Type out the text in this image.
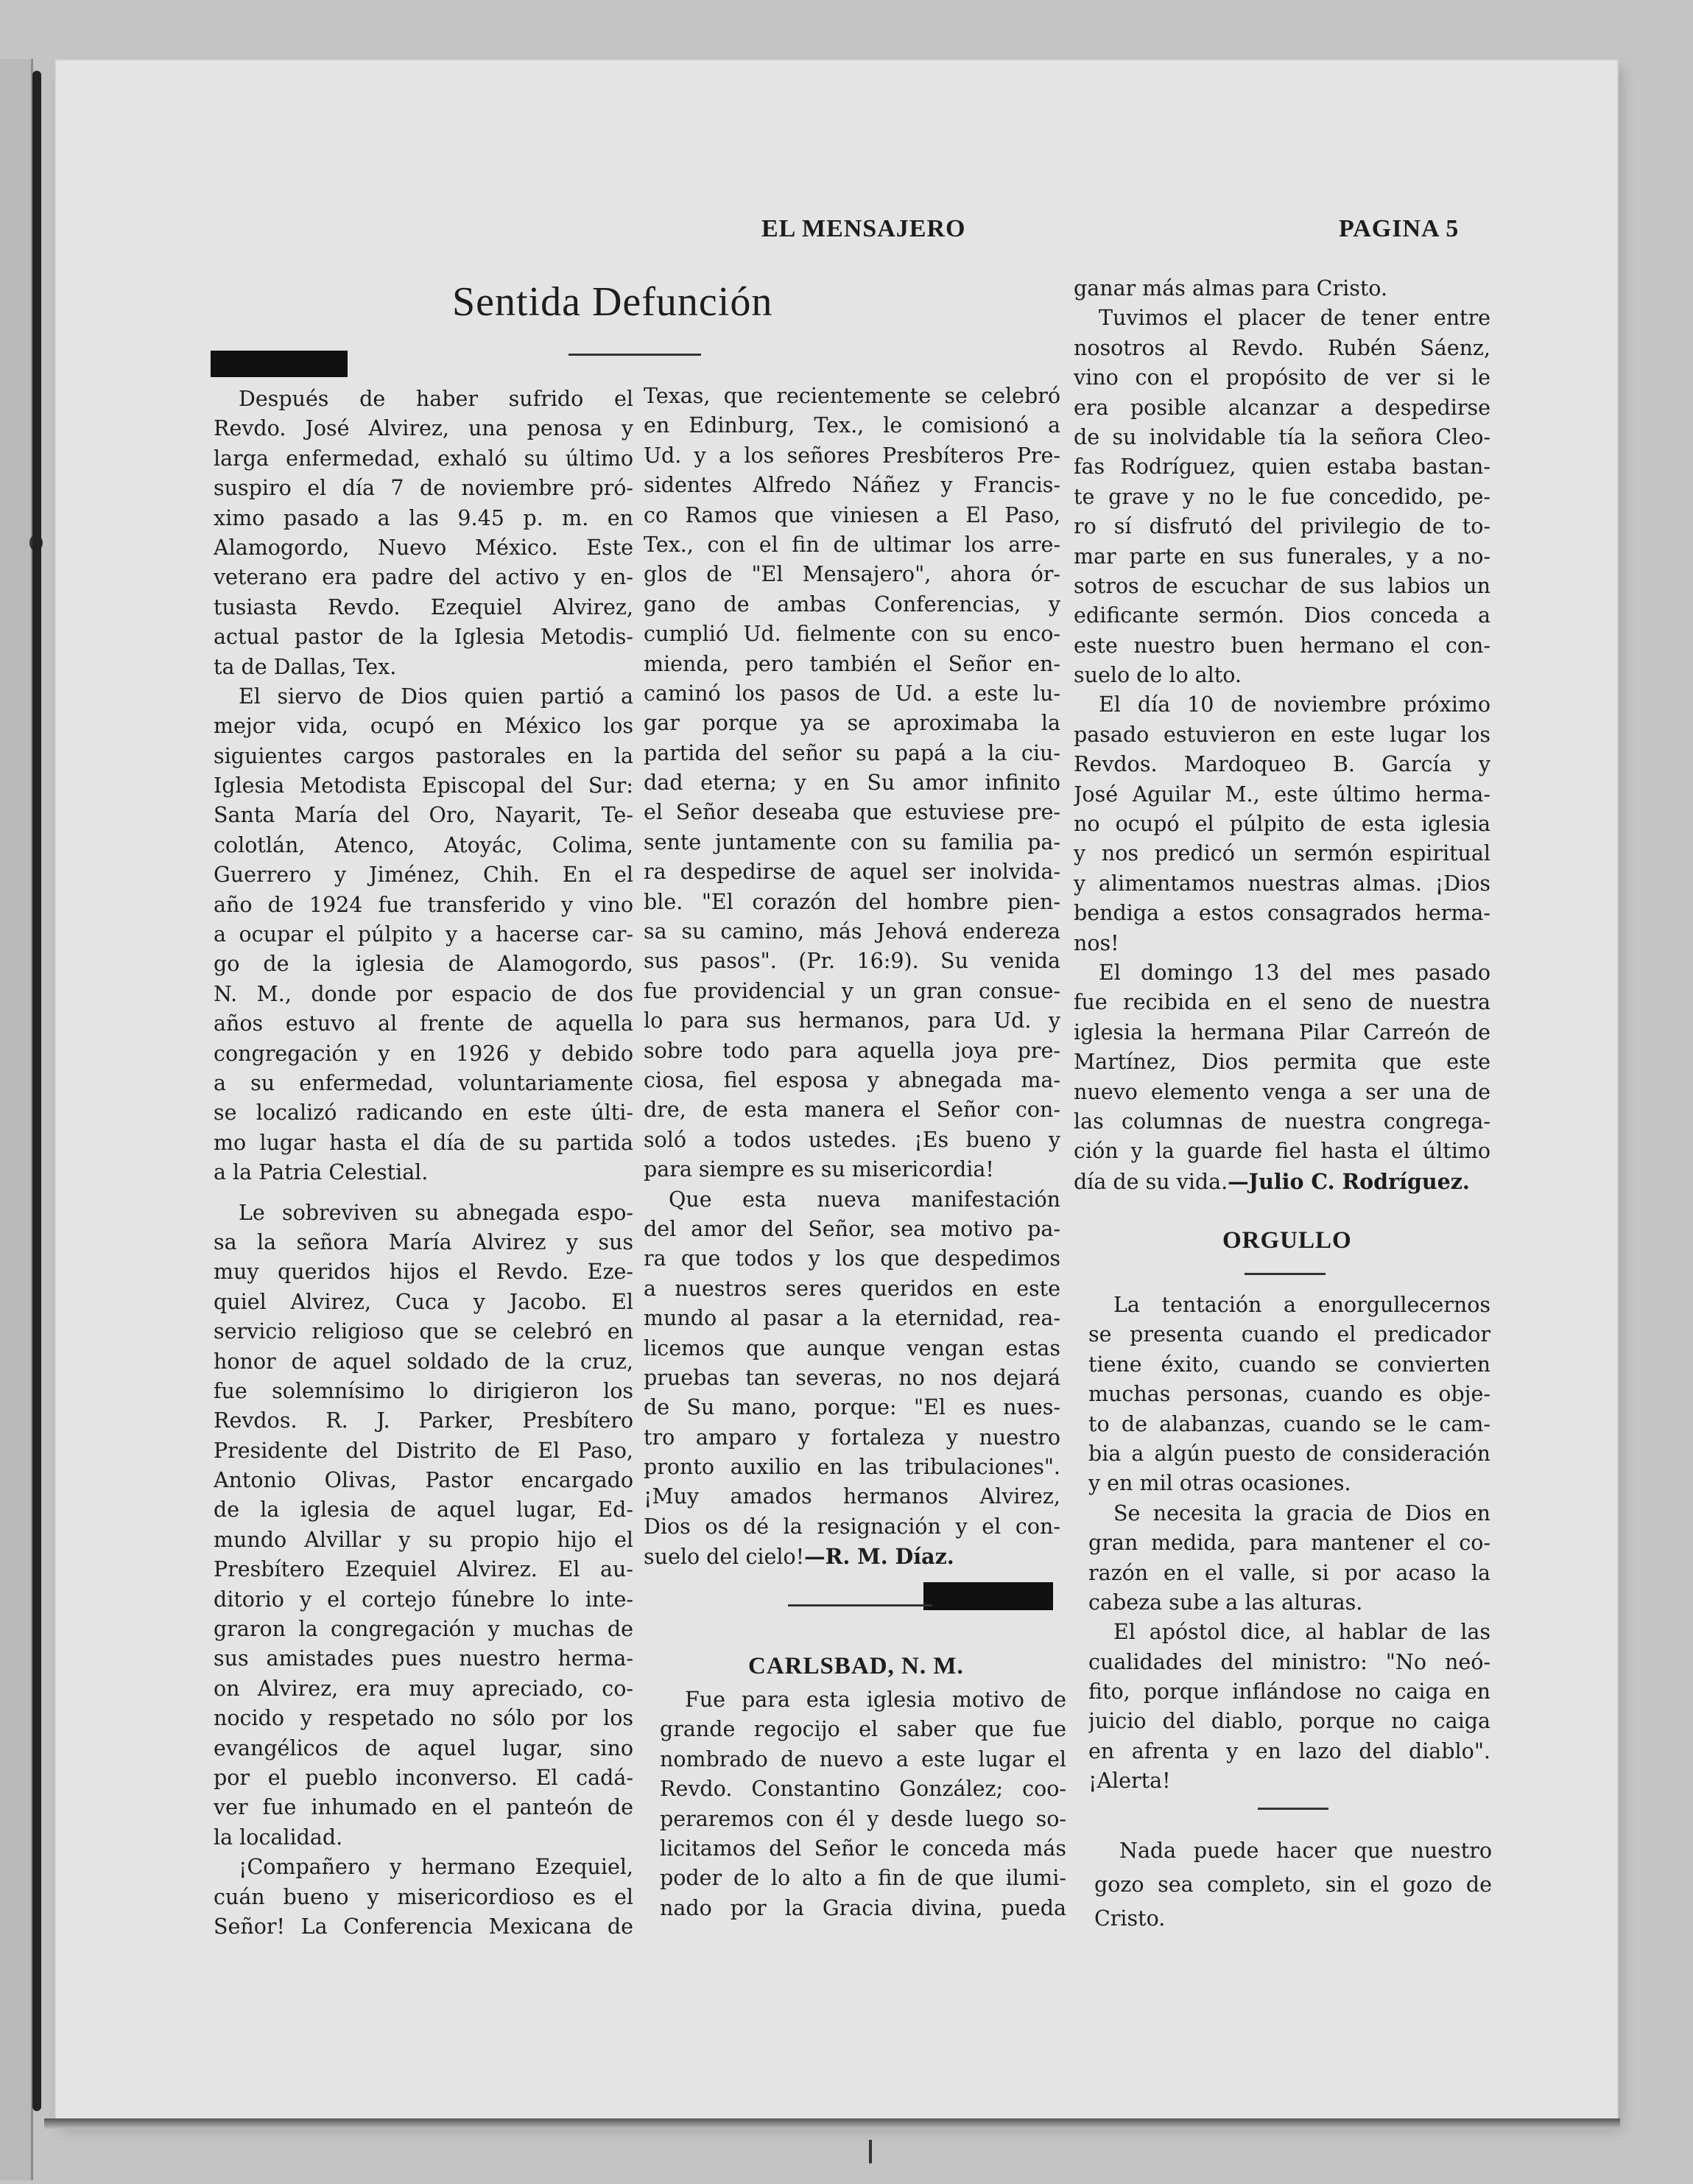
EL MENSAJERO	PAGINA 5
Sentida Defunción
Después de haber sufrido el
Revdo. José Alvirez, una penosa y
larga enfermedad, exhaló su último
suspiro el día 7 de noviembre pró-
ximo pasado a las 9.45 p. m. en
Alamogordo, Nuevo México. Este
veterano era padre del activo y en-
tusiasta Revdo. Ezequiel Alvirez,
actual pastor de la Iglesia Metodis-
ta de Dallas, Tex.
El siervo de Dios quien partió a
mejor vida, ocupó en México los
siguientes cargos pastorales en la
Iglesia Metodista Episcopal del Sur:
Santa María del Oro, Nayarit, Te-
colotlán, Atenco, Atoyác, Colima,
Guerrero y Jiménez, Chih. En el
año de 1924 fue transferido y vino
a ocupar el púlpito y a hacerse car-
go de la iglesia de Alamogordo,
N. M., donde por espacio de dos
años estuvo al frente de aquella
congregación y en 1926 y debido
a su enfermedad, voluntariamente
se localizó radicando en este últi-
mo lugar hasta el día de su partida
a la Patria Celestial.
Le sobreviven su abnegada espo-
sa la señora María Alvirez y sus
muy queridos hijos el Revdo. Eze-
quiel Alvirez, Cuca y Jacobo. El
servicio religioso que se celebró en
honor de aquel soldado de la cruz,
fue solemnísimo lo dirigieron los
Revdos. R. J. Parker, Presbítero
Presidente del Distrito de El Paso,
Antonio Olivas, Pastor encargado
de la iglesia de aquel lugar, Ed-
mundo Alvillar y su propio hijo el
Presbítero Ezequiel Alvirez. El au-
ditorio y el cortejo fúnebre lo inte-
graron la congregación y muchas de
sus amistades pues nuestro herma-
on Alvirez, era muy apreciado, co-
nocido y respetado no sólo por los
evangélicos de aquel lugar, sino
por el pueblo inconverso. El cadá-
ver fue inhumado en el panteón de
la localidad.
¡Compañero y hermano Ezequiel,
cuán bueno y misericordioso es el
Señor! La Conferencia Mexicana de
Texas, que recientemente se celebró
en Edinburg, Tex., le comisionó a
Ud. y a los señores Presbíteros Pre-
sidentes Alfredo Náñez y Francis-
co Ramos que viniesen a El Paso,
Tex., con el fin de ultimar los arre-
glos de "El Mensajero", ahora ór-
gano de ambas Conferencias, y
cumplió Ud. fielmente con su enco-
mienda, pero también el Señor en-
caminó los pasos de Ud. a este lu-
gar porque ya se aproximaba la
partida del señor su papá a la ciu-
dad eterna; y en Su amor infinito
el Señor deseaba que estuviese pre-
sente juntamente con su familia pa-
ra despedirse de aquel ser inolvida-
ble. "El corazón del hombre pien-
sa su camino, más Jehová endereza
sus pasos". (Pr. 16:9). Su venida
fue providencial y un gran consue-
lo para sus hermanos, para Ud. y
sobre todo para aquella joya pre-
ciosa, fiel esposa y abnegada ma-
dre, de esta manera el Señor con-
soló a todos ustedes. ¡Es bueno y
para siempre es su misericordia!
Que esta nueva manifestación
del amor del Señor, sea motivo pa-
ra que todos y los que despedimos
a nuestros seres queridos en este
mundo al pasar a la eternidad, rea-
licemos que aunque vengan estas
pruebas tan severas, no nos dejará
de Su mano, porque: "El es nues-
tro amparo y fortaleza y nuestro
pronto auxilio en las tribulaciones".
¡Muy amados hermanos Alvirez,
Dios os dé la resignación y el con-
suelo del cielo!—R. M. Díaz.
CARLSBAD, N. M.
Fue para esta iglesia motivo de
grande regocijo el saber que fue
nombrado de nuevo a este lugar el
Revdo. Constantino González; coo-
peraremos con él y desde luego so-
licitamos del Señor le conceda más
poder de lo alto a fin de que ilumi-
nado por la Gracia divina, pueda
ganar más almas para Cristo.
Tuvimos el placer de tener entre
nosotros al Revdo. Rubén Sáenz,
vino con el propósito de ver si le
era posible alcanzar a despedirse
de su inolvidable tía la señora Cleo-
fas Rodríguez, quien estaba bastan-
te grave y no le fue concedido, pe-
ro sí disfrutó del privilegio de to-
mar parte en sus funerales, y a no-
sotros de escuchar de sus labios un
edificante sermón. Dios conceda a
este nuestro buen hermano el con-
suelo de lo alto.
El día 10 de noviembre próximo
pasado estuvieron en este lugar los
Revdos. Mardoqueo B. García y
José Aguilar M., este último herma-
no ocupó el púlpito de esta iglesia
y nos predicó un sermón espiritual
y alimentamos nuestras almas. ¡Dios
bendiga a estos consagrados herma-
nos!
El domingo 13 del mes pasado
fue recibida en el seno de nuestra
iglesia la hermana Pilar Carreón de
Martínez, Dios permita que este
nuevo elemento venga a ser una de
las columnas de nuestra congrega-
ción y la guarde fiel hasta el último
día de su vida.—Julio C. Rodríguez.
ORGULLO
La tentación a enorgullecernos
se presenta cuando el predicador
tiene éxito, cuando se convierten
muchas personas, cuando es obje-
to de alabanzas, cuando se le cam-
bia a algún puesto de consideración
y en mil otras ocasiones.
Se necesita la gracia de Dios en
gran medida, para mantener el co-
razón en el valle, si por acaso la
cabeza sube a las alturas.
El apóstol dice, al hablar de las
cualidades del ministro: "No neó-
fito, porque inflándose no caiga en
juicio del diablo, porque no caiga
en afrenta y en lazo del diablo".
¡Alerta!
Nada puede hacer que nuestro
gozo sea completo, sin el gozo de
Cristo.
